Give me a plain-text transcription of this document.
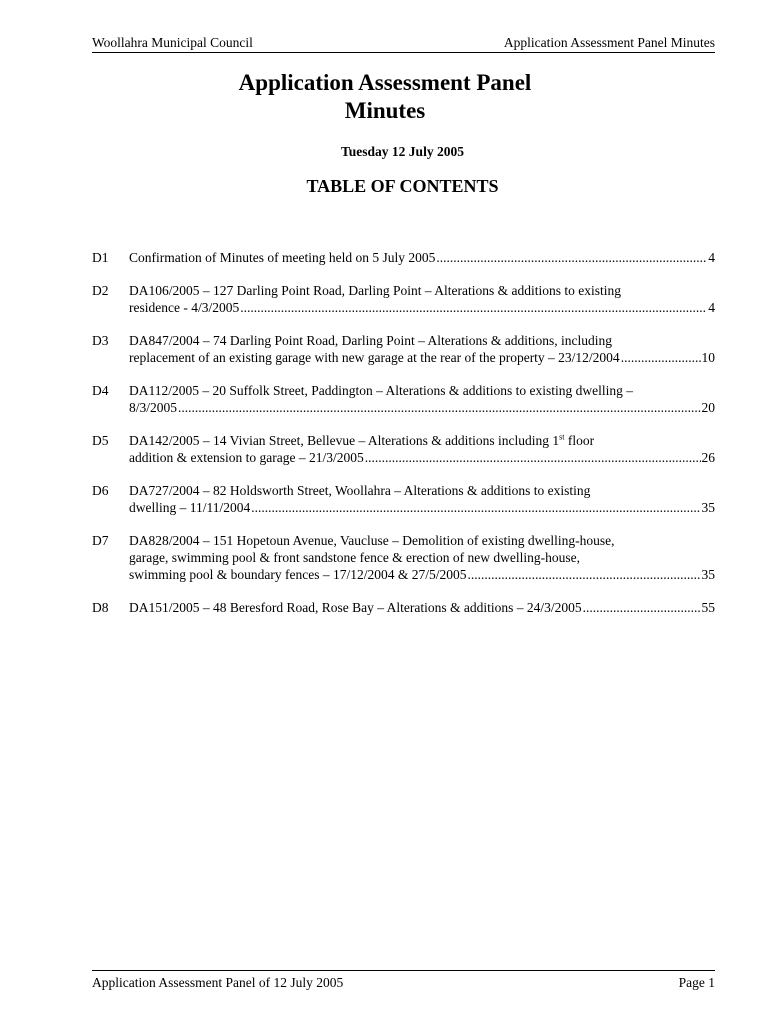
Woollahra Municipal Council	Application Assessment Panel Minutes
Application Assessment Panel
Minutes
Tuesday 12 July 2005
TABLE OF CONTENTS
D1 Confirmation of Minutes of meeting held on 5 July 2005 .....	4
D2 DA106/2005 – 127 Darling Point Road, Darling Point – Alterations & additions to existing
residence - 4/3/2005 .....	4
D3 DA847/2004 – 74 Darling Point Road, Darling Point – Alterations & additions, including
replacement of an existing garage with new garage at the rear of the property – 23/12/2004 .....	10
D4 DA112/2005 – 20 Suffolk Street, Paddington – Alterations & additions to existing dwelling –
8/3/2005 .....	20
D5 DA142/2005 – 14 Vivian Street, Bellevue – Alterations & additions including 1st floor
addition & extension to garage – 21/3/2005 .....	26
D6 DA727/2004 – 82 Holdsworth Street, Woollahra – Alterations & additions to existing
dwelling – 11/11/2004 .....	35
D7 DA828/2004 – 151 Hopetoun Avenue, Vaucluse – Demolition of existing dwelling-house,
garage, swimming pool & front sandstone fence & erection of new dwelling-house,
swimming pool & boundary fences – 17/12/2004 & 27/5/2005 .....	35
D8 DA151/2005 – 48 Beresford Road, Rose Bay – Alterations & additions – 24/3/2005 .....	55
Application Assessment Panel of 12 July 2005	Page 1
